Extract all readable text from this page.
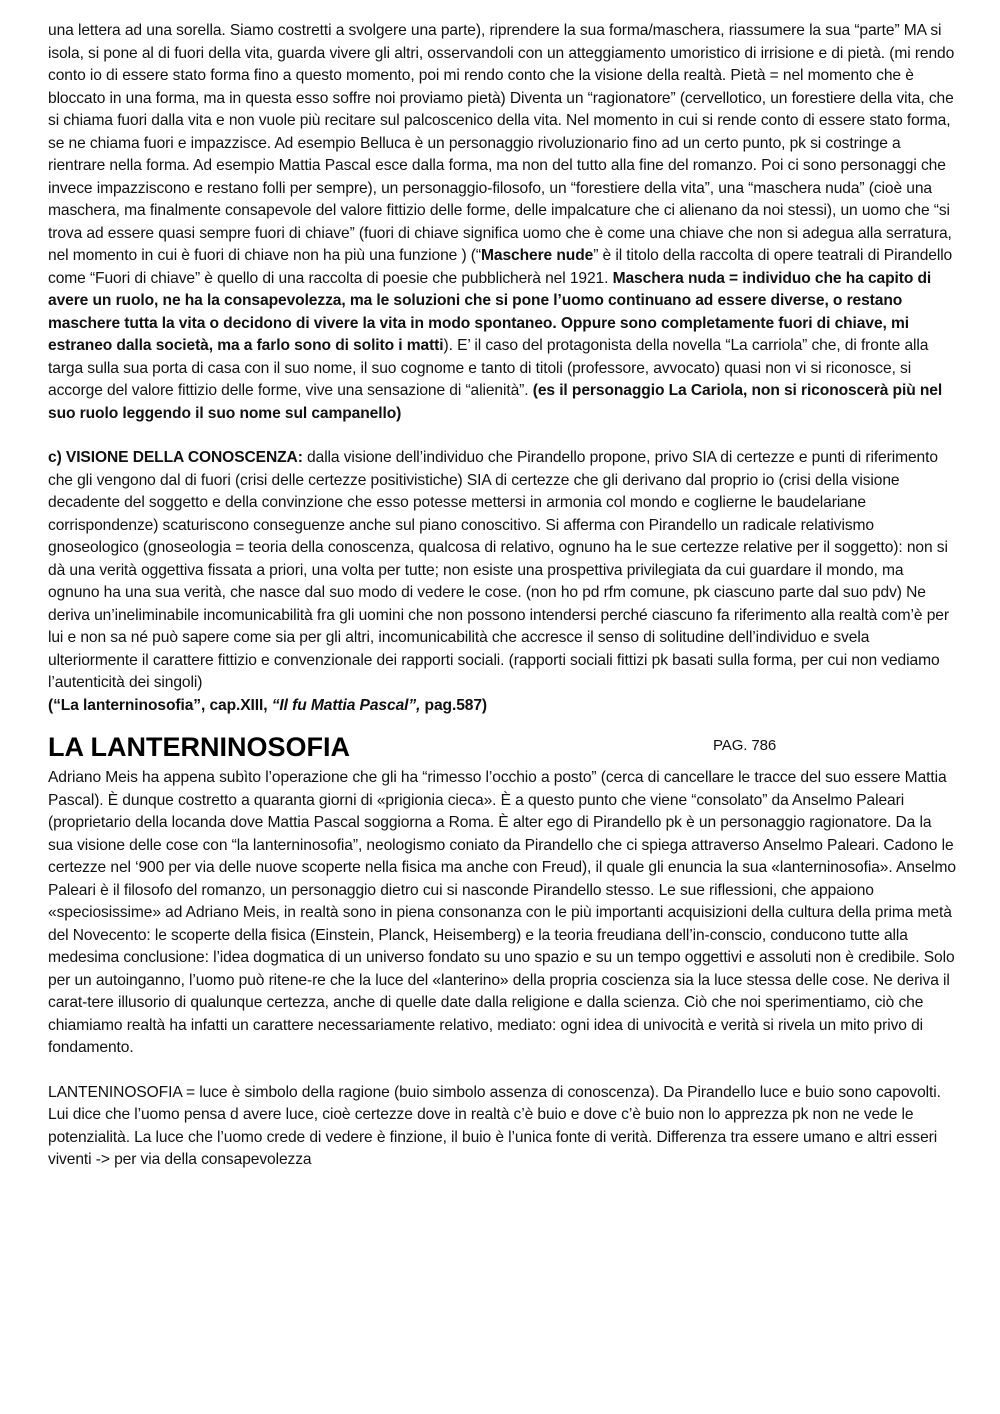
una lettera ad una sorella. Siamo costretti a svolgere una parte), riprendere la sua forma/maschera, riassumere la sua “parte” MA si isola, si pone al di fuori della vita, guarda vivere gli altri, osservandoli con un atteggiamento umoristico di irrisione e di pietà. (mi rendo conto io di essere stato forma fino a questo momento, poi mi rendo conto che la visione della realtà. Pietà = nel momento che è bloccato in una forma, ma in questa esso soffre noi proviamo pietà) Diventa un “ragionatore” (cervellotico, un forestiere della vita, che si chiama fuori dalla vita e non vuole più recitare sul palcoscenico della vita. Nel momento in cui si rende conto di essere stato forma, se ne chiama fuori e impazzisce. Ad esempio Belluca è un personaggio rivoluzionario fino ad un certo punto, pk si costringe a rientrare nella forma. Ad esempio Mattia Pascal esce dalla forma, ma non del tutto alla fine del romanzo. Poi ci sono personaggi che invece impazziscono e restano folli per sempre), un personaggio-filosofo, un “forestiere della vita”, una “maschera nuda” (cioè una maschera, ma finalmente consapevole del valore fittizio delle forme, delle impalcature che ci alienano da noi stessi), un uomo che “si trova ad essere quasi sempre fuori di chiave” (fuori di chiave significa uomo che è come una chiave che non si adegua alla serratura, nel momento in cui è fuori di chiave non ha più una funzione ) (“Maschere nude” è il titolo della raccolta di opere teatrali di Pirandello come “Fuori di chiave” è quello di una raccolta di poesie che pubblicherà nel 1921. Maschera nuda = individuo che ha capito di avere un ruolo, ne ha la consapevolezza, ma le soluzioni che si pone l’uomo continuano ad essere diverse, o restano maschere tutta la vita o decidono di vivere la vita in modo spontaneo. Oppure sono completamente fuori di chiave, mi estraneo dalla società, ma a farlo sono di solito i matti). E’ il caso del protagonista della novella “La carriola” che, di fronte alla targa sulla sua porta di casa con il suo nome, il suo cognome e tanto di titoli (professore, avvocato) quasi non vi si riconosce, si accorge del valore fittizio delle forme, vive una sensazione di “alienità”. (es il personaggio La Cariola, non si riconoscerà più nel suo ruolo leggendo il suo nome sul campanello)

c) VISIONE DELLA CONOSCENZA: dalla visione dell’individuo che Pirandello propone, privo SIA di certezze e punti di riferimento che gli vengono dal di fuori (crisi delle certezze positivistiche) SIA di certezze che gli derivano dal proprio io (crisi della visione decadente del soggetto e della convinzione che esso potesse mettersi in armonia col mondo e coglierne le baudelariane corrispondenze) scaturiscono conseguenze anche sul piano conoscitivo. Si afferma con Pirandello un radicale relativismo gnoseologico (gnoseologia = teoria della conoscenza, qualcosa di relativo, ognuno ha le sue certezze relative per il soggetto): non si dà una verità oggettiva fissata a priori, una volta per tutte; non esiste una prospettiva privilegiata da cui guardare il mondo, ma ognuno ha una sua verità, che nasce dal suo modo di vedere le cose. (non ho pd rfm comune, pk ciascuno parte dal suo pdv) Ne deriva un’ineliminabile incomunicabilità fra gli uomini che non possono intendersi perché ciascuno fa riferimento alla realtà com’è per lui e non sa né può sapere come sia per gli altri, incomunicabilità che accresce il senso di solitudine dell’individuo e svela ulteriormente il carattere fittizio e convenzionale dei rapporti sociali. (rapporti sociali fittizi pk basati sulla forma, per cui non vediamo l’autenticità dei singoli)

(“La lanterninosofia”, cap.XIII, “Il fu Mattia Pascal”, pag.587)

LA LANTERNINOSOFIA	PAG. 786

Adriano Meis ha appena subìto l’operazione che gli ha “rimesso l’occhio a posto” (cerca di cancellare le tracce del suo essere Mattia Pascal). È dunque costretto a quaranta giorni di «prigionia cieca». È a questo punto che viene “consolato” da Anselmo Paleari (proprietario della locanda dove Mattia Pascal soggiorna a Roma. È alter ego di Pirandello pk è un personaggio ragionatore. Da la sua visione delle cose con “la lanterninosofia”, neologismo coniato da Pirandello che ci spiega attraverso Anselmo Paleari. Cadono le certezze nel ‘900 per via delle nuove scoperte nella fisica ma anche con Freud), il quale gli enuncia la sua «lanterninosofia». Anselmo Paleari è il filosofo del romanzo, un personaggio dietro cui si nasconde Pirandello stesso. Le sue riflessioni, che appaiono «speciosissime» ad Adriano Meis, in realtà sono in piena consonanza con le più importanti acquisizioni della cultura della prima metà del Novecento: le scoperte della fisica (Einstein, Planck, Heisemberg) e la teoria freudiana dell’in-conscio, conducono tutte alla medesima conclusione: l’idea dogmatica di un universo fondato su uno spazio e su un tempo oggettivi e assoluti non è credibile. Solo per un autoinganno, l’uomo può ritene-re che la luce del «lanterino» della propria coscienza sia la luce stessa delle cose. Ne deriva il carat-tere illusorio di qualunque certezza, anche di quelle date dalla religione e dalla scienza. Ciò che noi sperimentiamo, ciò che chiamiamo realtà ha infatti un carattere necessariamente relativo, mediato: ogni idea di univocità e verità si rivela un mito privo di fondamento.

LANTENINOSOFIA = luce è simbolo della ragione (buio simbolo assenza di conoscenza). Da Pirandello luce e buio sono capovolti. Lui dice che l’uomo pensa d avere luce, cioè certezze dove in realtà c’è buio e dove c’è buio non lo apprezza pk non ne vede le potenzialità. La luce che l’uomo crede di vedere è finzione, il buio è l’unica fonte di verità. Differenza tra essere umano e altri esseri viventi -> per via della consapevolezza
